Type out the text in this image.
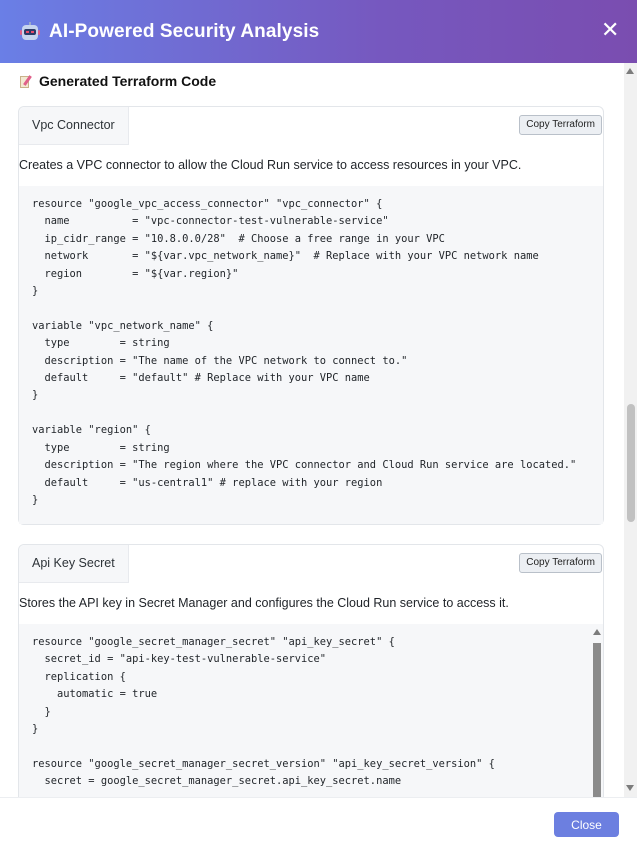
AI-Powered Security Analysis	✕
Generated Terraform Code
Vpc Connector	Copy Terraform
Creates a VPC connector to allow the Cloud Run service to access resources in your VPC.
resource "google_vpc_access_connector" "vpc_connector" {
name          = "vpc-connector-test-vulnerable-service"
ip_cidr_range = "10.8.0.0/28"  # Choose a free range in your VPC
network       = "${var.vpc_network_name}"  # Replace with your VPC network name
region        = "${var.region}"
}

variable "vpc_network_name" {
type        = string
description = "The name of the VPC network to connect to."
default     = "default" # Replace with your VPC name
}

variable "region" {
type        = string
description = "The region where the VPC connector and Cloud Run service are located."
default     = "us-central1" # replace with your region
}
Api Key Secret	Copy Terraform
Stores the API key in Secret Manager and configures the Cloud Run service to access it.
resource "google_secret_manager_secret" "api_key_secret" {
secret_id = "api-key-test-vulnerable-service"
replication {
automatic = true
}
}

resource "google_secret_manager_secret_version" "api_key_secret_version" {
secret = google_secret_manager_secret.api_key_secret.name
Close
